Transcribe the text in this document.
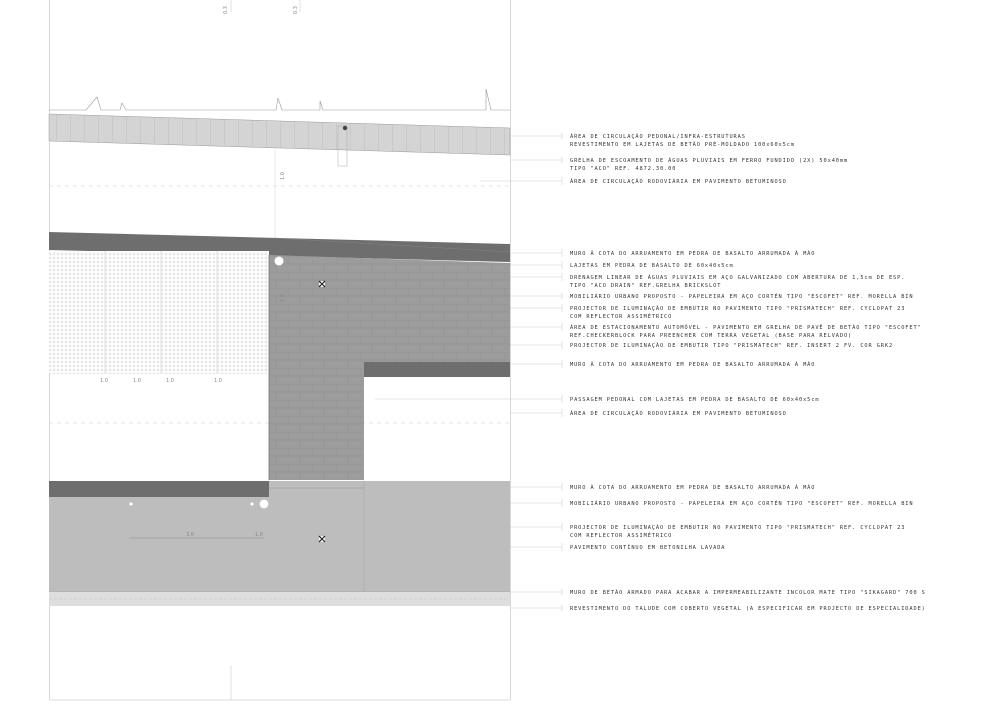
0.3	0.3
1.0	1.0	1.0	1.0
3.6	1.0
1.0
1.5
ÁREA DE CIRCULAÇÃO PEDONAL/INFRA-ESTRUTURAS
REVESTIMENTO EM LAJETAS DE BETÃO PRÉ-MOLDADO 100x60x5cm
GRELHA DE ESCOAMENTO DE ÁGUAS PLUVIAIS EM FERRO FUNDIDO (2X) 50x40mm
TIPO "ACO" REF. 4872.30.00
ÁREA DE CIRCULAÇÃO RODOVIÁRIA EM PAVIMENTO BETUMINOSO
MURO À COTA DO ARRUAMENTO EM PEDRA DE BASALTO ARRUMADA À MÃO
LAJETAS EM PEDRA DE BASALTO DE 60x40x5cm
DRENAGEM LINEAR DE ÁGUAS PLUVIAIS EM AÇO GALVANIZADO COM ABERTURA DE 1,5cm DE ESP.
TIPO "ACO DRAIN" REF.GRELHA BRICKSLOT
MOBILIÁRIO URBANO PROPOSTO - PAPELEIRA EM AÇO CORTÉN TIPO "ESCOFET" REF. MORELLA BIN
PROJECTOR DE ILUMINAÇÃO DE EMBUTIR NO PAVIMENTO TIPO "PRISMATECH" REF. CYCLOPAT 23
COM REFLECTOR ASSIMÉTRICO
ÁREA DE ESTACIONAMENTO AUTOMÓVEL - PAVIMENTO EM GRELHA DE PAVÊ DE BETÃO TIPO "ESCOFET"
REF.CHECKERBLOCK PARA PREENCHER COM TERRA VEGETAL (BASE PARA RELVADO)
PROJECTOR DE ILUMINAÇÃO DE EMBUTIR TIPO "PRISMATECH" REF. INSERT 2 FV. COR GRK2
MURO À COTA DO ARRUAMENTO EM PEDRA DE BASALTO ARRUMADA À MÃO
PASSAGEM PEDONAL COM LAJETAS EM PEDRA DE BASALTO DE 60x40x5cm
ÁREA DE CIRCULAÇÃO RODOVIÁRIA EM PAVIMENTO BETUMINOSO
MURO À COTA DO ARRUAMENTO EM PEDRA DE BASALTO ARRUMADA À MÃO
MOBILIÁRIO URBANO PROPOSTO - PAPELEIRA EM AÇO CORTÉN TIPO "ESCOFET" REF. MORELLA BIN
PROJECTOR DE ILUMINAÇÃO DE EMBUTIR NO PAVIMENTO TIPO "PRISMATECH" REF. CYCLOPAT 23
COM REFLECTOR ASSIMÉTRICO
PAVIMENTO CONTÍNUO EM BETONILHA LAVADA
MURO DE BETÃO ARMADO PARA ACABAR A IMPERMEABILIZANTE INCOLOR MATE TIPO "SIKAGARD" 700 S
REVESTIMENTO DO TALUDE COM COBERTO VEGETAL (A ESPECIFICAR EM PROJECTO DE ESPECIALIDADE)
